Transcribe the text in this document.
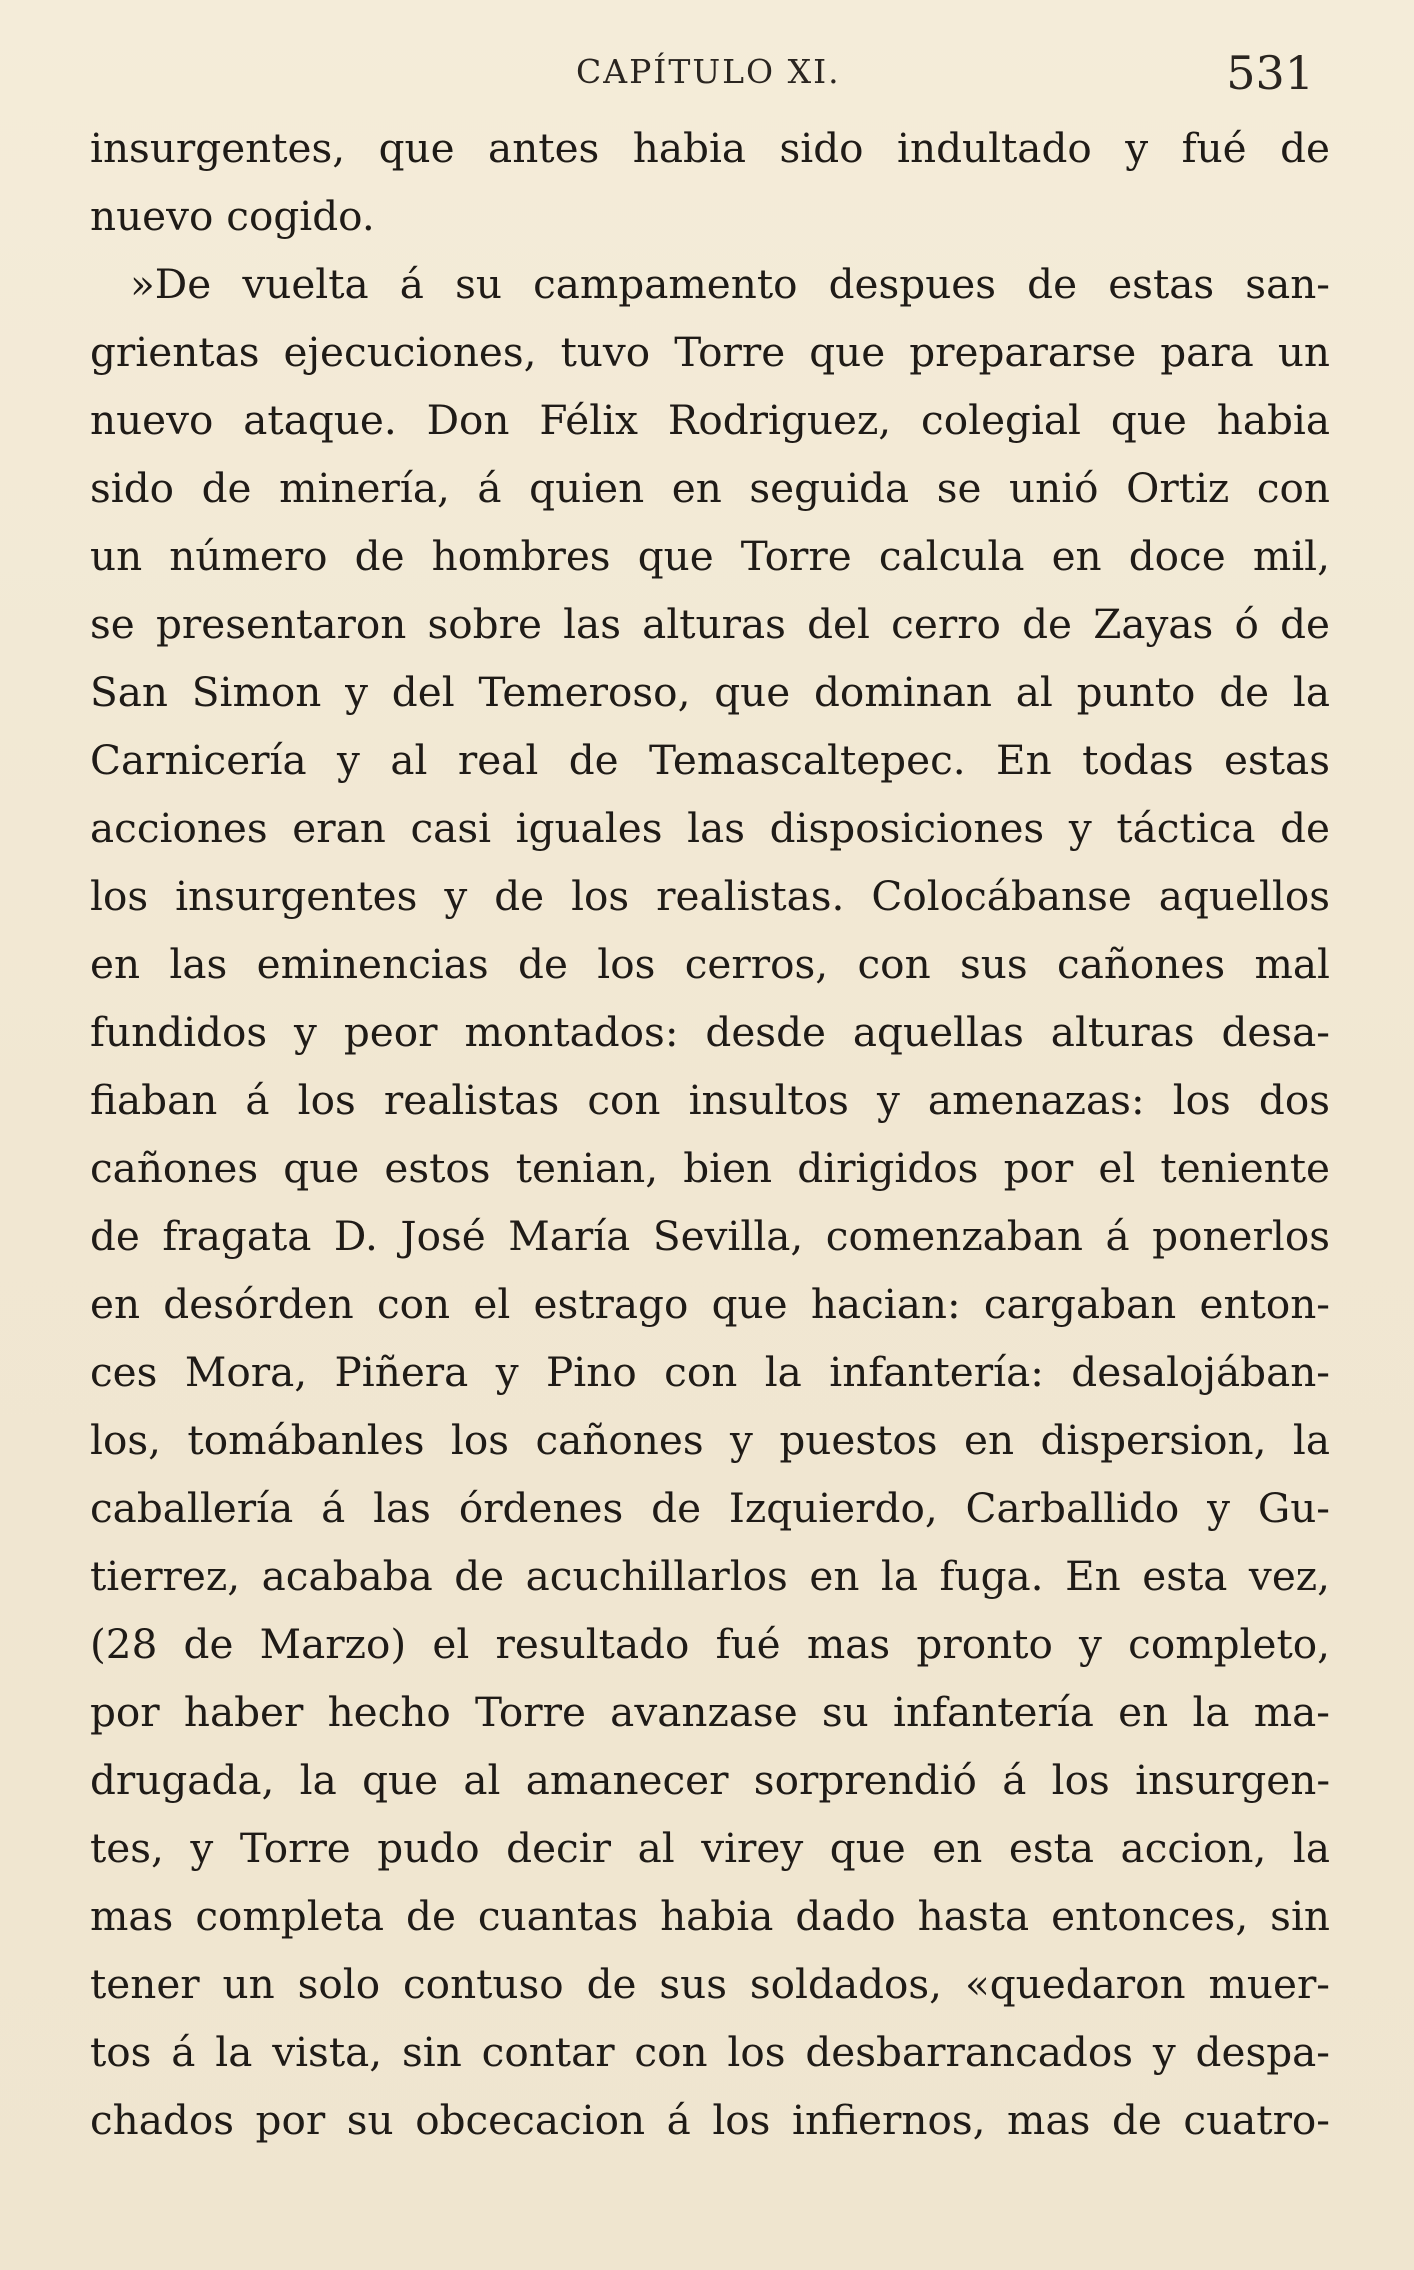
CAPÍTULO XI.	531
insurgentes, que antes habia sido indultado y fué de
nuevo cogido.
»De vuelta á su campamento despues de estas san-
grientas ejecuciones, tuvo Torre que prepararse para un
nuevo ataque. Don Félix Rodriguez, colegial que habia
sido de minería, á quien en seguida se unió Ortiz con
un número de hombres que Torre calcula en doce mil,
se presentaron sobre las alturas del cerro de Zayas ó de
San Simon y del Temeroso, que dominan al punto de la
Carnicería y al real de Temascaltepec. En todas estas
acciones eran casi iguales las disposiciones y táctica de
los insurgentes y de los realistas. Colocábanse aquellos
en las eminencias de los cerros, con sus cañones mal
fundidos y peor montados: desde aquellas alturas desa-
fiaban á los realistas con insultos y amenazas: los dos
cañones que estos tenian, bien dirigidos por el teniente
de fragata D. José María Sevilla, comenzaban á ponerlos
en desórden con el estrago que hacian: cargaban enton-
ces Mora, Piñera y Pino con la infantería: desalojában-
los, tomábanles los cañones y puestos en dispersion, la
caballería á las órdenes de Izquierdo, Carballido y Gu-
tierrez, acababa de acuchillarlos en la fuga. En esta vez,
(28 de Marzo) el resultado fué mas pronto y completo,
por haber hecho Torre avanzase su infantería en la ma-
drugada, la que al amanecer sorprendió á los insurgen-
tes, y Torre pudo decir al virey que en esta accion, la
mas completa de cuantas habia dado hasta entonces, sin
tener un solo contuso de sus soldados, «quedaron muer-
tos á la vista, sin contar con los desbarrancados y despa-
chados por su obcecacion á los infiernos, mas de cuatro-
